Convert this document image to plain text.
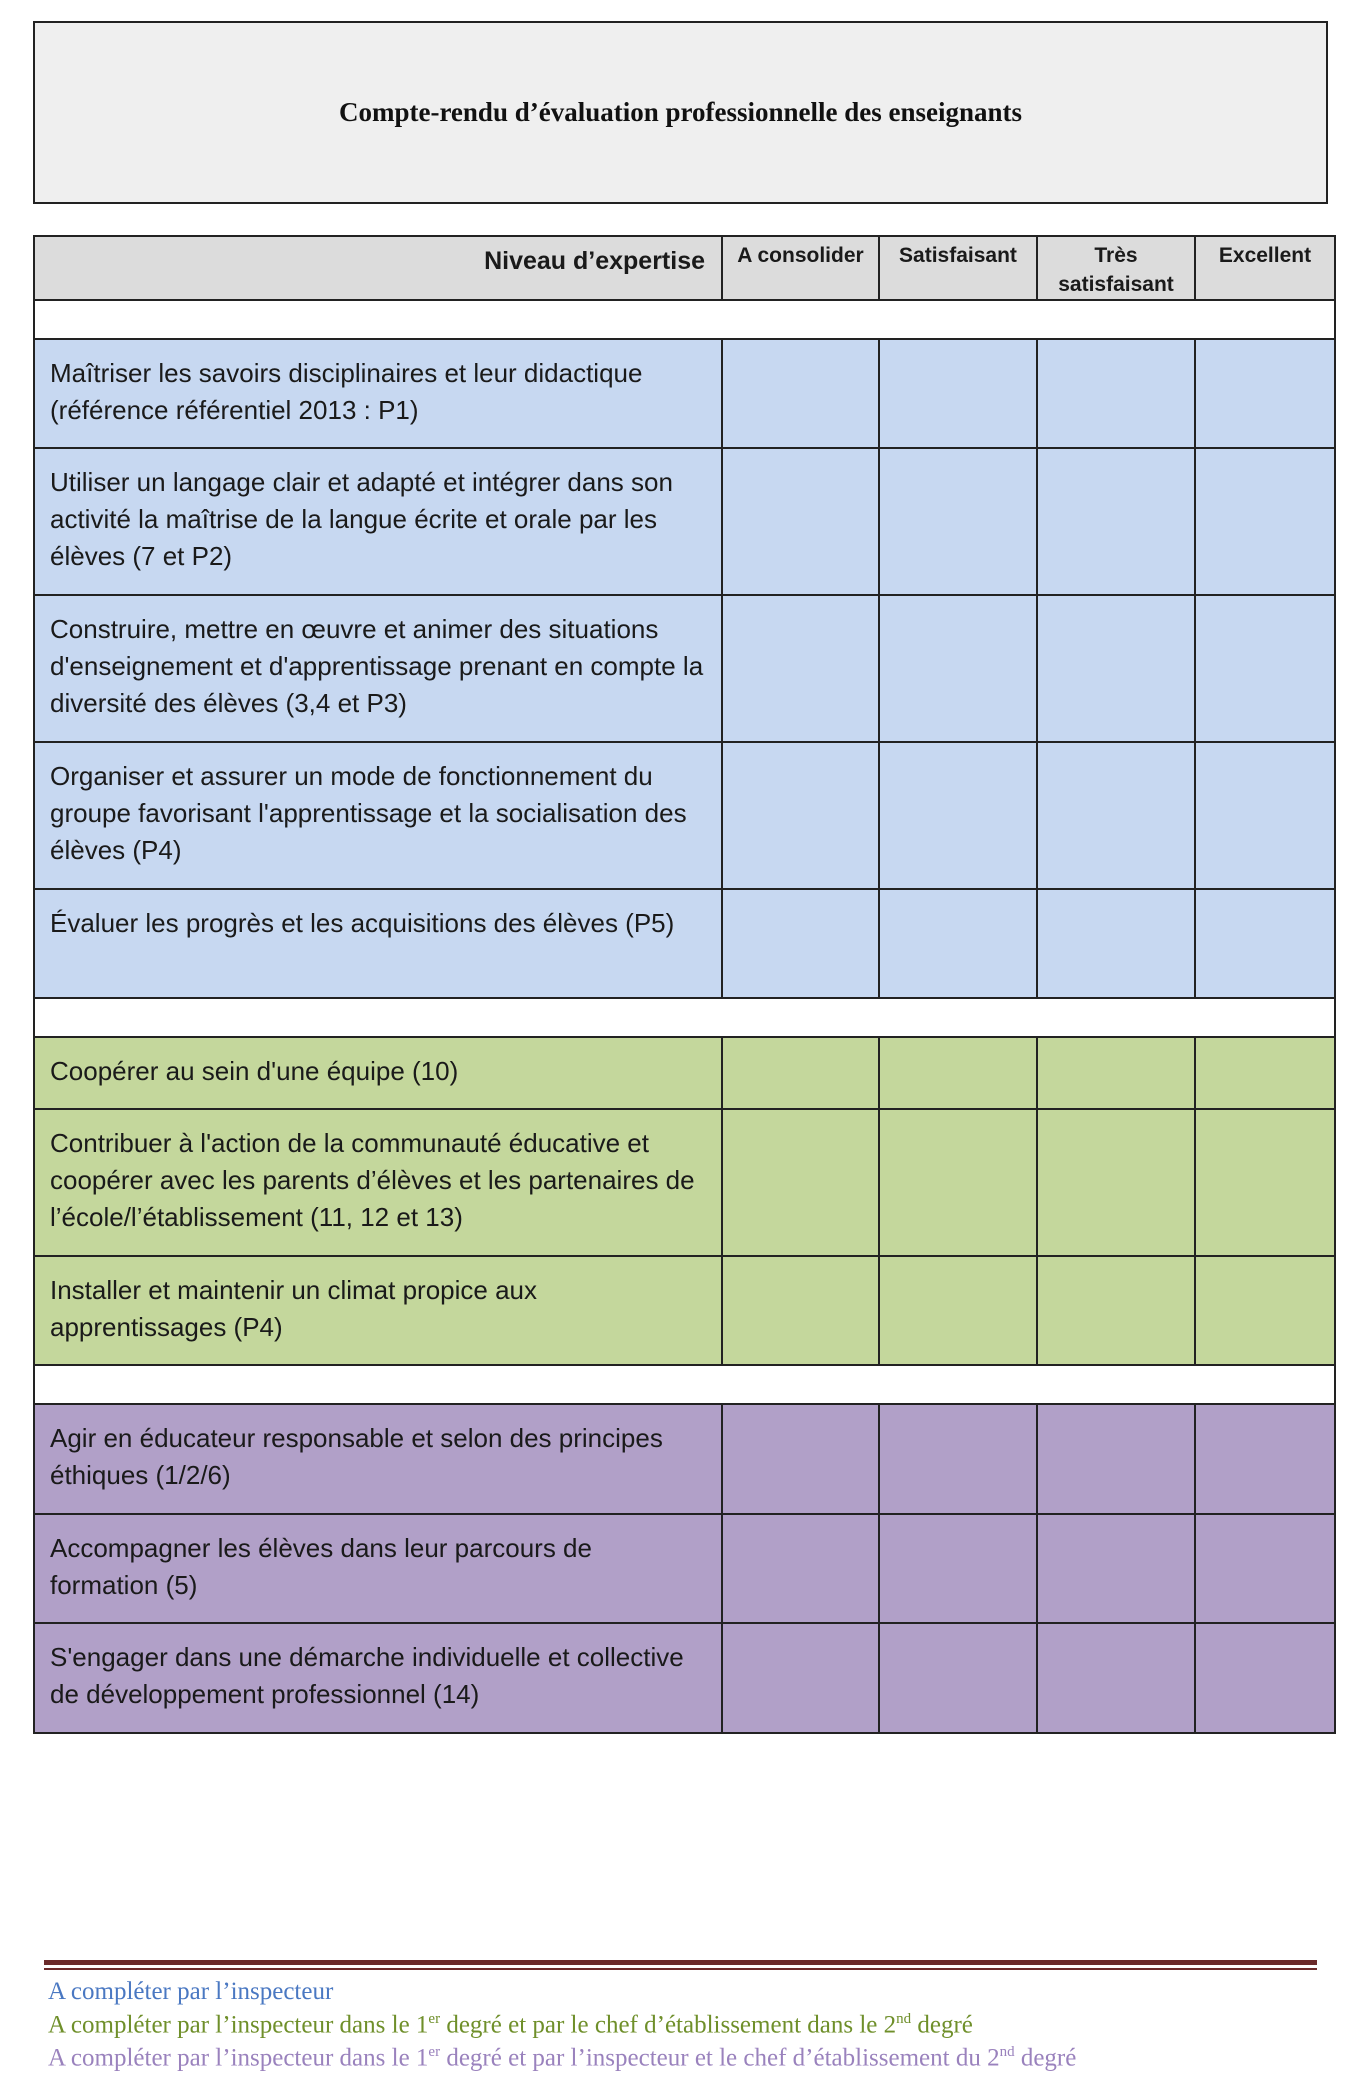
Compte-rendu d’évaluation professionnelle des enseignants
Niveau d’expertise	A consolider	Satisfaisant	Très satisfaisant	Excellent

Maîtriser les savoirs disciplinaires et leur didactique (référence référentiel 2013 : P1)				
Utiliser un langage clair et adapté et intégrer dans son activité la maîtrise de la langue écrite et orale par les élèves (7 et P2)				
Construire, mettre en œuvre et animer des situations d'enseignement et d'apprentissage prenant en compte la diversité des élèves (3,4 et P3)				
Organiser et assurer un mode de fonctionnement du groupe favorisant l'apprentissage et la socialisation des élèves (P4)				
Évaluer les progrès et les acquisitions des élèves (P5)				

Coopérer au sein d'une équipe (10)				
Contribuer à l'action de la communauté éducative et coopérer avec les parents d’élèves et les partenaires de l’école/l’établissement (11, 12 et 13)				
Installer et maintenir un climat propice aux apprentissages (P4)				

Agir en éducateur responsable et selon des principes éthiques (1/2/6)				
Accompagner les élèves dans leur parcours de formation (5)				
S'engager dans une démarche individuelle et collective de développement professionnel (14)				
A compléter par l’inspecteur
A compléter par l’inspecteur dans le 1er degré et par le chef d’établissement dans le 2nd degré
A compléter par l’inspecteur dans le 1er degré et par l’inspecteur et le chef d’établissement du 2nd degré
